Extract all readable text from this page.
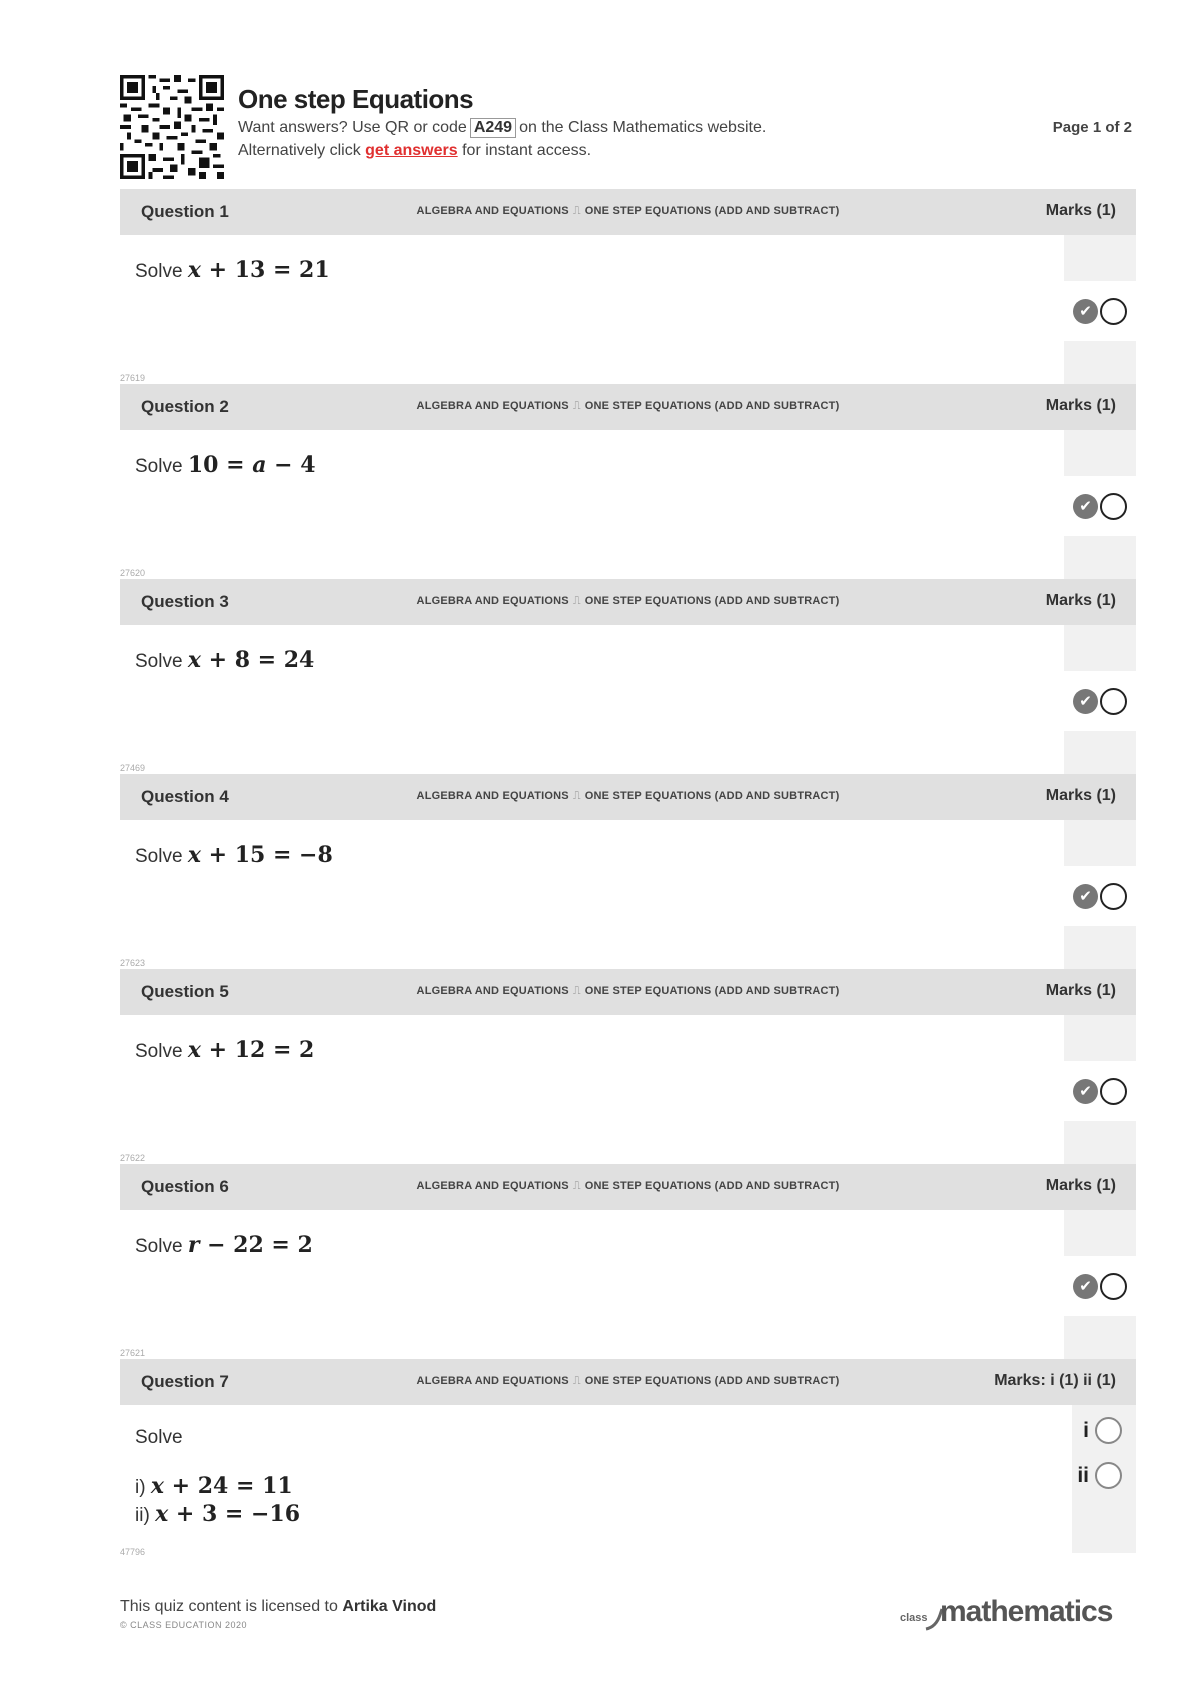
One step Equations
Want answers? Use QR or code A249 on the Class Mathematics website.
Alternatively click get answers for instant access.
Page 1 of 2
Question 1	ALGEBRA AND EQUATIONS ⎍ ONE STEP EQUATIONS (ADD AND SUBTRACT)	Marks (1)
Solve x + 13 = 21
✔
27619
Question 2	ALGEBRA AND EQUATIONS ⎍ ONE STEP EQUATIONS (ADD AND SUBTRACT)	Marks (1)
Solve 10 = a − 4
✔
27620
Question 3	ALGEBRA AND EQUATIONS ⎍ ONE STEP EQUATIONS (ADD AND SUBTRACT)	Marks (1)
Solve x + 8 = 24
✔
27469
Question 4	ALGEBRA AND EQUATIONS ⎍ ONE STEP EQUATIONS (ADD AND SUBTRACT)	Marks (1)
Solve x + 15 = −8
✔
27623
Question 5	ALGEBRA AND EQUATIONS ⎍ ONE STEP EQUATIONS (ADD AND SUBTRACT)	Marks (1)
Solve x + 12 = 2
✔
27622
Question 6	ALGEBRA AND EQUATIONS ⎍ ONE STEP EQUATIONS (ADD AND SUBTRACT)	Marks (1)
Solve r − 22 = 2
✔
27621
Question 7	ALGEBRA AND EQUATIONS ⎍ ONE STEP EQUATIONS (ADD AND SUBTRACT)	Marks: i (1) ii (1)
Solve
i) x + 24 = 11
ii) x + 3 = −16
i
ii
47796
This quiz content is licensed to Artika Vinod
© CLASS EDUCATION 2020
class mathematics
